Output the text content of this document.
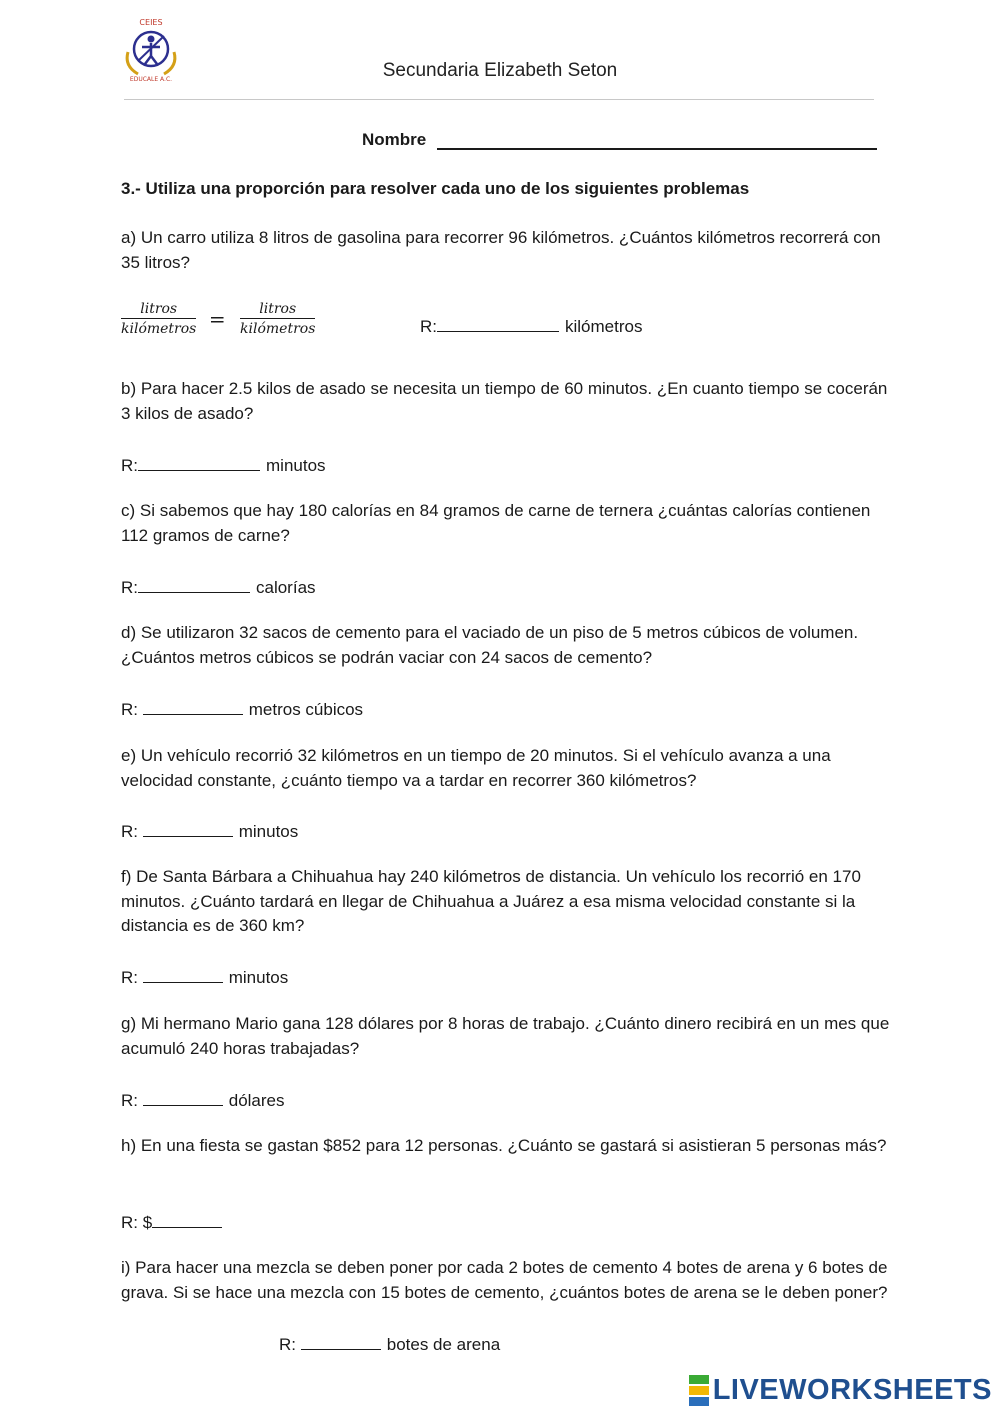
CEIES
EDUCALE A.C.	Secundaria Elizabeth Seton
Nombre
3.- Utiliza una proporción para resolver cada uno de los siguientes problemas
a) Un carro utiliza 8 litros de gasolina para recorrer 96 kilómetros. ¿Cuántos kilómetros recorrerá con 35 litros?
$\frac{\text{litros}}{\text{kilómetros}} = \frac{\text{litros}}{\text{kilómetros}}$	R:	kilómetros
b) Para hacer 2.5 kilos de asado se necesita un tiempo de 60 minutos. ¿En cuanto tiempo se cocerán 3 kilos de asado?
R:	minutos
c) Si sabemos que hay 180 calorías en 84 gramos de carne de ternera ¿cuántas calorías contienen 112 gramos de carne?
R:	calorías
d) Se utilizaron 32 sacos de cemento para el vaciado de un piso de 5 metros cúbicos de volumen. ¿Cuántos metros cúbicos se podrán vaciar con 24 sacos de cemento?
R:	metros cúbicos
e) Un vehículo recorrió 32 kilómetros en un tiempo de 20 minutos. Si el vehículo avanza a una velocidad constante, ¿cuánto tiempo va a tardar en recorrer 360 kilómetros?
R:	minutos
f) De Santa Bárbara a Chihuahua hay 240 kilómetros de distancia. Un vehículo los recorrió en 170 minutos. ¿Cuánto tardará en llegar de Chihuahua a Juárez a esa misma velocidad constante si la distancia es de 360 km?
R:	minutos
g) Mi hermano Mario gana 128 dólares por 8 horas de trabajo. ¿Cuánto dinero recibirá en un mes que acumuló 240 horas trabajadas?
R:	dólares
h) En una fiesta se gastan $852 para 12 personas. ¿Cuánto se gastará si asistieran 5 personas más?
R: $
i) Para hacer una mezcla se deben poner por cada 2 botes de cemento 4 botes de arena y 6 botes de grava. Si se hace una mezcla con 15 botes de cemento, ¿cuántos botes de arena se le deben poner?
R:	botes de arena
LIVEWORKSHEETS
